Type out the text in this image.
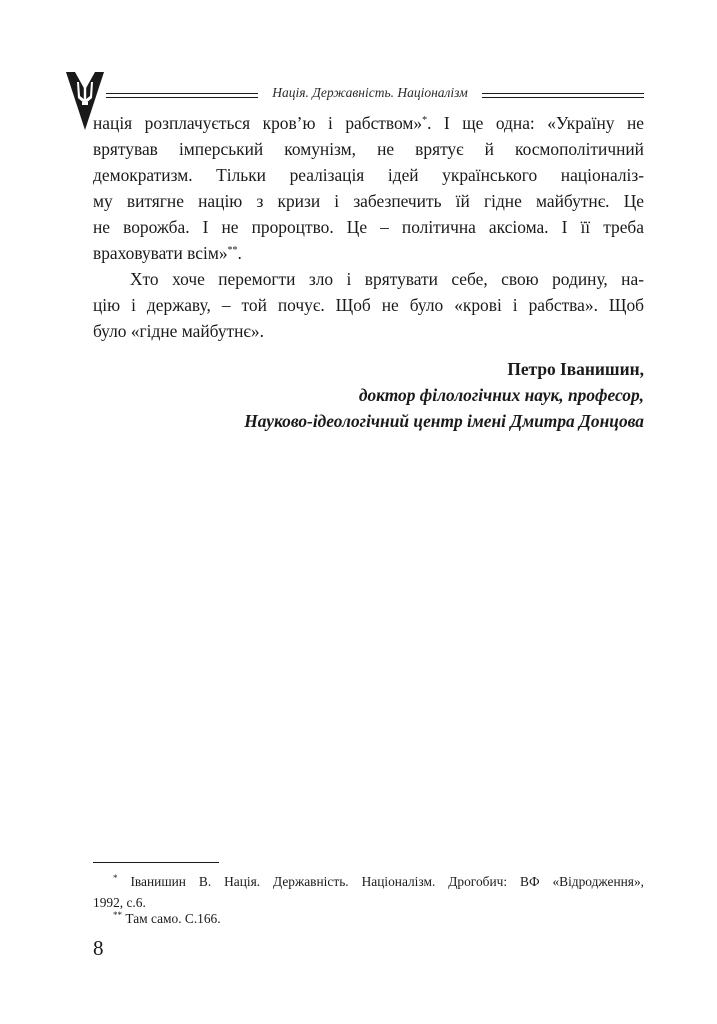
Нація. Державність. Націоналізм
нація розплачується кров’ю і рабством»*. І ще одна: «Україну не
врятував імперський комунізм, не врятує й космополітичний
демократизм. Тільки реалізація ідей українського націоналіз-
му витягне націю з кризи і забезпечить їй гідне майбутнє. Це
не ворожба. І не пророцтво. Це – політична аксіома. І її треба
враховувати всім»**.
Хто хоче перемогти зло і врятувати себе, свою родину, на-
цію і державу, – той почує. Щоб не було «крові і рабства». Щоб
було «гідне майбутнє».
Петро Іванишин,
доктор філологічних наук, професор,
Науково-ідеологічний центр імені Дмитра Донцова
* Іванишин В. Нація. Державність. Націоналізм. Дрогобич: ВФ «Відродження»,
1992, с.6.
** Там само. С.166.
8
